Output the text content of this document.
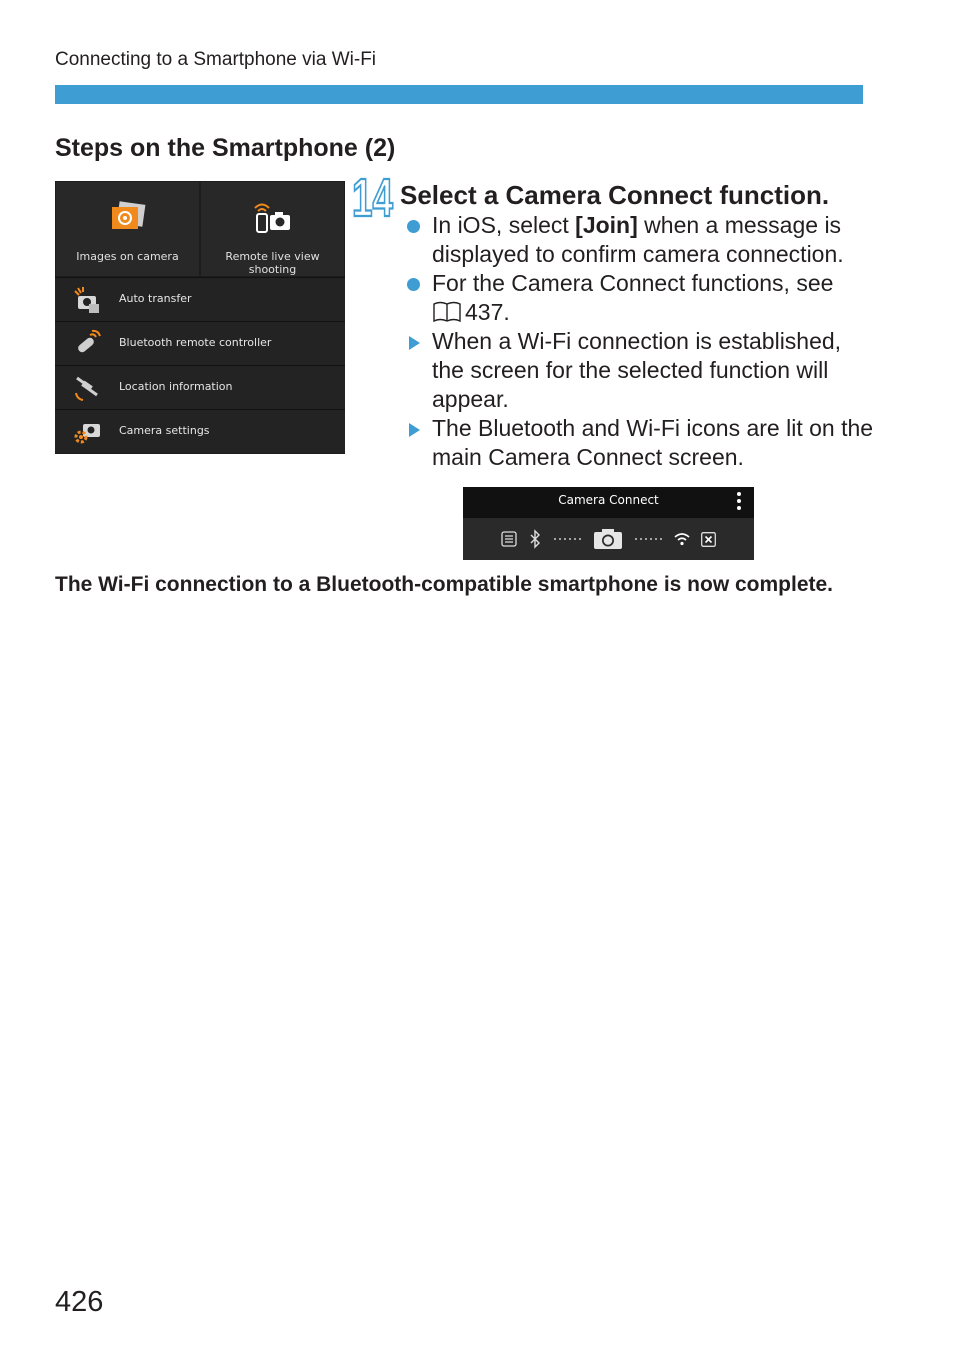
Connecting to a Smartphone via Wi-Fi
Steps on the Smartphone (2)
Images on camera	Remote live view shooting
Auto transfer
Bluetooth remote controller
Location information
Camera settings
14 Select a Camera Connect function.
In iOS, select [Join] when a message is displayed to confirm camera connection.
For the Camera Connect functions, see
437.
When a Wi-Fi connection is established, the screen for the selected function will appear.
The Bluetooth and Wi-Fi icons are lit on the main Camera Connect screen.
Camera Connect
The Wi-Fi connection to a Bluetooth-compatible smartphone is now complete.
426
